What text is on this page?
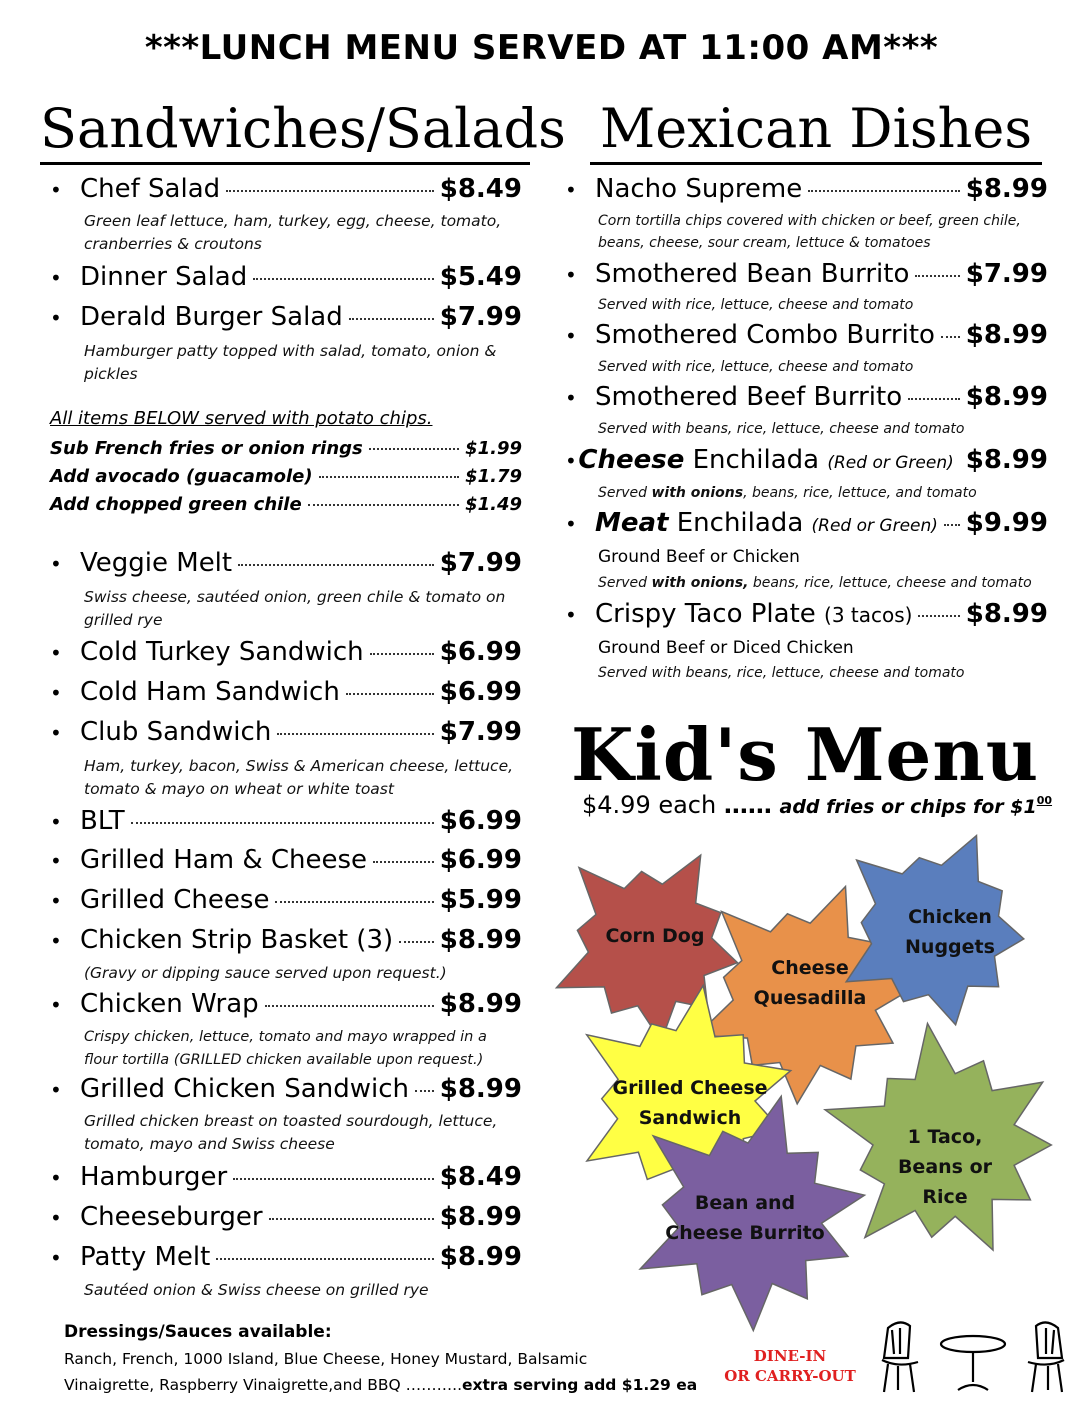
***LUNCH MENU SERVED AT 11:00 AM***
Sandwiches/Salads
• Chef Salad	$8.49
Green leaf lettuce, ham, turkey, egg, cheese, tomato, cranberries & croutons
• Dinner Salad	$5.49
• Derald Burger Salad	$7.99
Hamburger patty topped with salad, tomato, onion & pickles
All items BELOW served with potato chips.
Sub French fries or onion rings	$1.99
Add avocado (guacamole)	$1.79
Add chopped green chile	$1.49
• Veggie Melt	$7.99
Swiss cheese, sautéed onion, green chile & tomato on grilled rye
• Cold Turkey Sandwich	$6.99
• Cold Ham Sandwich	$6.99
• Club Sandwich	$7.99
Ham, turkey, bacon, Swiss & American cheese, lettuce, tomato & mayo on wheat or white toast
• BLT	$6.99
• Grilled Ham & Cheese	$6.99
• Grilled Cheese	$5.99
• Chicken Strip Basket (3) $8.99
(Gravy or dipping sauce served upon request.)
• Chicken Wrap	$8.99
Crispy chicken, lettuce, tomato and mayo wrapped in a flour tortilla (GRILLED chicken available upon request.)
• Grilled Chicken Sandwich $8.99
Grilled chicken breast on toasted sourdough, lettuce, tomato, mayo and Swiss cheese
• Hamburger	$8.49
• Cheeseburger	$8.99
• Patty Melt	$8.99
Sautéed onion & Swiss cheese on grilled rye
Dressings/Sauces available:
Ranch, French, 1000 Island, Blue Cheese, Honey Mustard, Balsamic
Vinaigrette, Raspberry Vinaigrette,and BBQ ………..extra serving add $1.29 ea
Mexican Dishes
• Nacho Supreme	$8.99
Corn tortilla chips covered with chicken or beef, green chile, beans, cheese, sour cream, lettuce & tomatoes
• Smothered Bean Burrito $7.99
Served with rice, lettuce, cheese and tomato
• Smothered Combo Burrito $8.99
Served with rice, lettuce, cheese and tomato
• Smothered Beef Burrito $8.99
Served with beans, rice, lettuce, cheese and tomato
• Cheese Enchilada (Red or Green) $8.99
Served with onions, beans, rice, lettuce, and tomato
• Meat Enchilada (Red or Green) $9.99
Ground Beef or Chicken
Served with onions, beans, rice, lettuce, cheese and tomato
• Crispy Taco Plate (3 tacos) $8.99
Ground Beef or Diced Chicken
Served with beans, rice, lettuce, cheese and tomato
Kid's Menu
$4.99 each …… add fries or chips for $\$1^{00}$
Corn Dog
Cheese Quesadilla
Chicken Nuggets
Grilled Cheese Sandwich
1 Taco, Beans or Rice
Bean and Cheese Burrito
DINE-IN
OR CARRY-OUT
